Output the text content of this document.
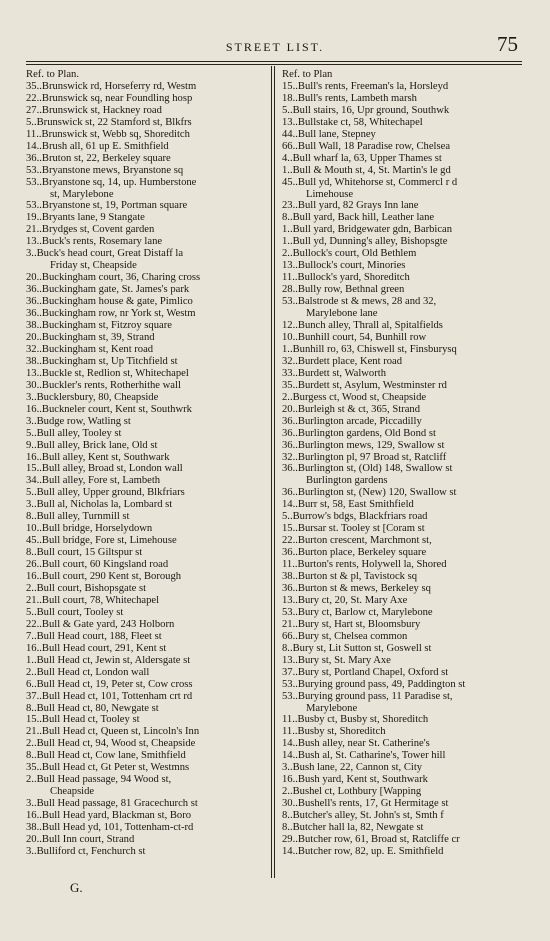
STREET LIST.	75
Ref. to Plan.
35..Brunswick rd, Horseferry rd, Westm
22..Brunswick sq, near Foundling hosp
27..Brunswick st, Hackney road
5..Brunswick st, 22 Stamford st, Blkfrs
11..Brunswick st, Webb sq, Shoreditch
14..Brush all, 61 up E. Smithfield
36..Bruton st, 22, Berkeley square
53..Bryanstone mews, Bryanstone sq
53..Bryanstone sq, 14, up. Humberstone
st, Marylebone
53..Bryanstone st, 19, Portman square
19..Bryants lane, 9 Stangate
21..Brydges st, Covent garden
13..Buck's rents, Rosemary lane
3..Buck's head court, Great Distaff la
Friday st, Cheapside
20..Buckingham court, 36, Charing cross
36..Buckingham gate, St. James's park
36..Buckingham house & gate, Pimlico
36..Buckingham row, nr York st, Westm
38..Buckingham st, Fitzroy square
20..Buckingham st, 39, Strand
32..Buckingham st, Kent road
38..Buckingham st, Up Titchfield st
13..Buckle st, Redlion st, Whitechapel
30..Buckler's rents, Rotherhithe wall
3..Bucklersbury, 80, Cheapside
16..Buckneler court, Kent st, Southwrk
3..Budge row, Watling st
5..Bull alley, Tooley st
9..Bull alley, Brick lane, Old st
16..Bull alley, Kent st, Southwark
15..Bull alley, Broad st, London wall
34..Bull alley, Fore st, Lambeth
5..Bull alley, Upper ground, Blkfriars
3..Bull al, Nicholas la, Lombard st
8..Bull alley, Turnmill st
10..Bull bridge, Horselydown
45..Bull bridge, Fore st, Limehouse
8..Bull court, 15 Giltspur st
26..Bull court, 60 Kingsland road
16..Bull court, 290 Kent st, Borough
2..Bull court, Bishopsgate st
21..Bull court, 78, Whitechapel
5..Bull court, Tooley st
22..Bull & Gate yard, 243 Holborn
7..Bull Head court, 188, Fleet st
16..Bull Head court, 291, Kent st
1..Bull Head ct, Jewin st, Aldersgate st
2..Bull Head ct, London wall
6..Bull Head ct, 19, Peter st, Cow cross
37..Bull Head ct, 101, Tottenham crt rd
8..Bull Head ct, 80, Newgate st
15..Bull Head ct, Tooley st
21..Bull Head ct, Queen st, Lincoln's Inn
2..Bull Head ct, 94, Wood st, Cheapside
8..Bull Head ct, Cow lane, Smithfield
35..Bull Head ct, Gt Peter st, Westmns
2..Bull Head passage, 94 Wood st,
Cheapside
3..Bull Head passage, 81 Gracechurch st
16..Bull Head yard, Blackman st, Boro
38..Bull Head yd, 101, Tottenham-ct-rd
20..Bull Inn court, Strand
3..Bulliford ct, Fenchurch st
Ref. to Plan
15..Bull's rents, Freeman's la, Horsleyd
18..Bull's rents, Lambeth marsh
5..Bull stairs, 16, Upr ground, Southwk
13..Bullstake ct, 58, Whitechapel
44..Bull lane, Stepney
66..Bull Wall, 18 Paradise row, Chelsea
4..Bull wharf la, 63, Upper Thames st
1..Bull & Mouth st, 4, St. Martin's le gd
45..Bull yd, Whitehorse st, Commercl r d
Limehouse
23..Bull yard, 82 Grays Inn lane
8..Bull yard, Back hill, Leather lane
1..Bull yard, Bridgewater gdn, Barbican
1..Bull yd, Dunning's alley, Bishopsgte
2..Bullock's court, Old Bethlem
13..Bullock's court, Minories
11..Bullock's yard, Shoreditch
28..Bully row, Bethnal green
53..Balstrode st & mews, 28 and 32,
Marylebone lane
12..Bunch alley, Thrall al, Spitalfields
10..Bunhill court, 54, Bunhill row
1..Bunhill ro, 63, Chiswell st, Finsburysq
32..Burdett place, Kent road
33..Burdett st, Walworth
35..Burdett st, Asylum, Westminster rd
2..Burgess ct, Wood st, Cheapside
20..Burleigh st & ct, 365, Strand
36..Burlington arcade, Piccadilly
36..Burlington gardens, Old Bond st
36..Burlington mews, 129, Swallow st
32..Burlington pl, 97 Broad st, Ratcliff
36..Burlington st, (Old) 148, Swallow st
Burlington gardens
36..Burlington st, (New) 120, Swallow st
14..Burr st, 58, East Smithfield
5..Burrow's bdgs, Blackfriars road
15..Bursar st. Tooley st [Coram st
22..Burton crescent, Marchmont st,
36..Burton place, Berkeley square
11..Burton's rents, Holywell la, Shored
38..Burton st & pl, Tavistock sq
36..Burton st & mews, Berkeley sq
13..Bury ct, 20, St. Mary Axe
53..Bury ct, Barlow ct, Marylebone
21..Bury st, Hart st, Bloomsbury
66..Bury st, Chelsea common
8..Bury st, Lit Sutton st, Goswell st
13..Bury st, St. Mary Axe
37..Bury st, Portland Chapel, Oxford st
53..Burying ground pass, 49, Paddington st
53..Burying ground pass, 11 Paradise st,
Marylebone
11..Busby ct, Busby st, Shoreditch
11..Busby st, Shoreditch
14..Bush alley, near St. Catherine's
14..Bush al, St. Catharine's, Tower hill
3..Bush lane, 22, Cannon st, City
16..Bush yard, Kent st, Southwark
2..Bushel ct, Lothbury [Wapping
30..Bushell's rents, 17, Gt Hermitage st
8..Butcher's alley, St. John's st, Smth f
8..Butcher hall la, 82, Newgate st
29..Butcher row, 61, Broad st, Ratcliffe cr
14..Butcher row, 82, up. E. Smithfield
G.
